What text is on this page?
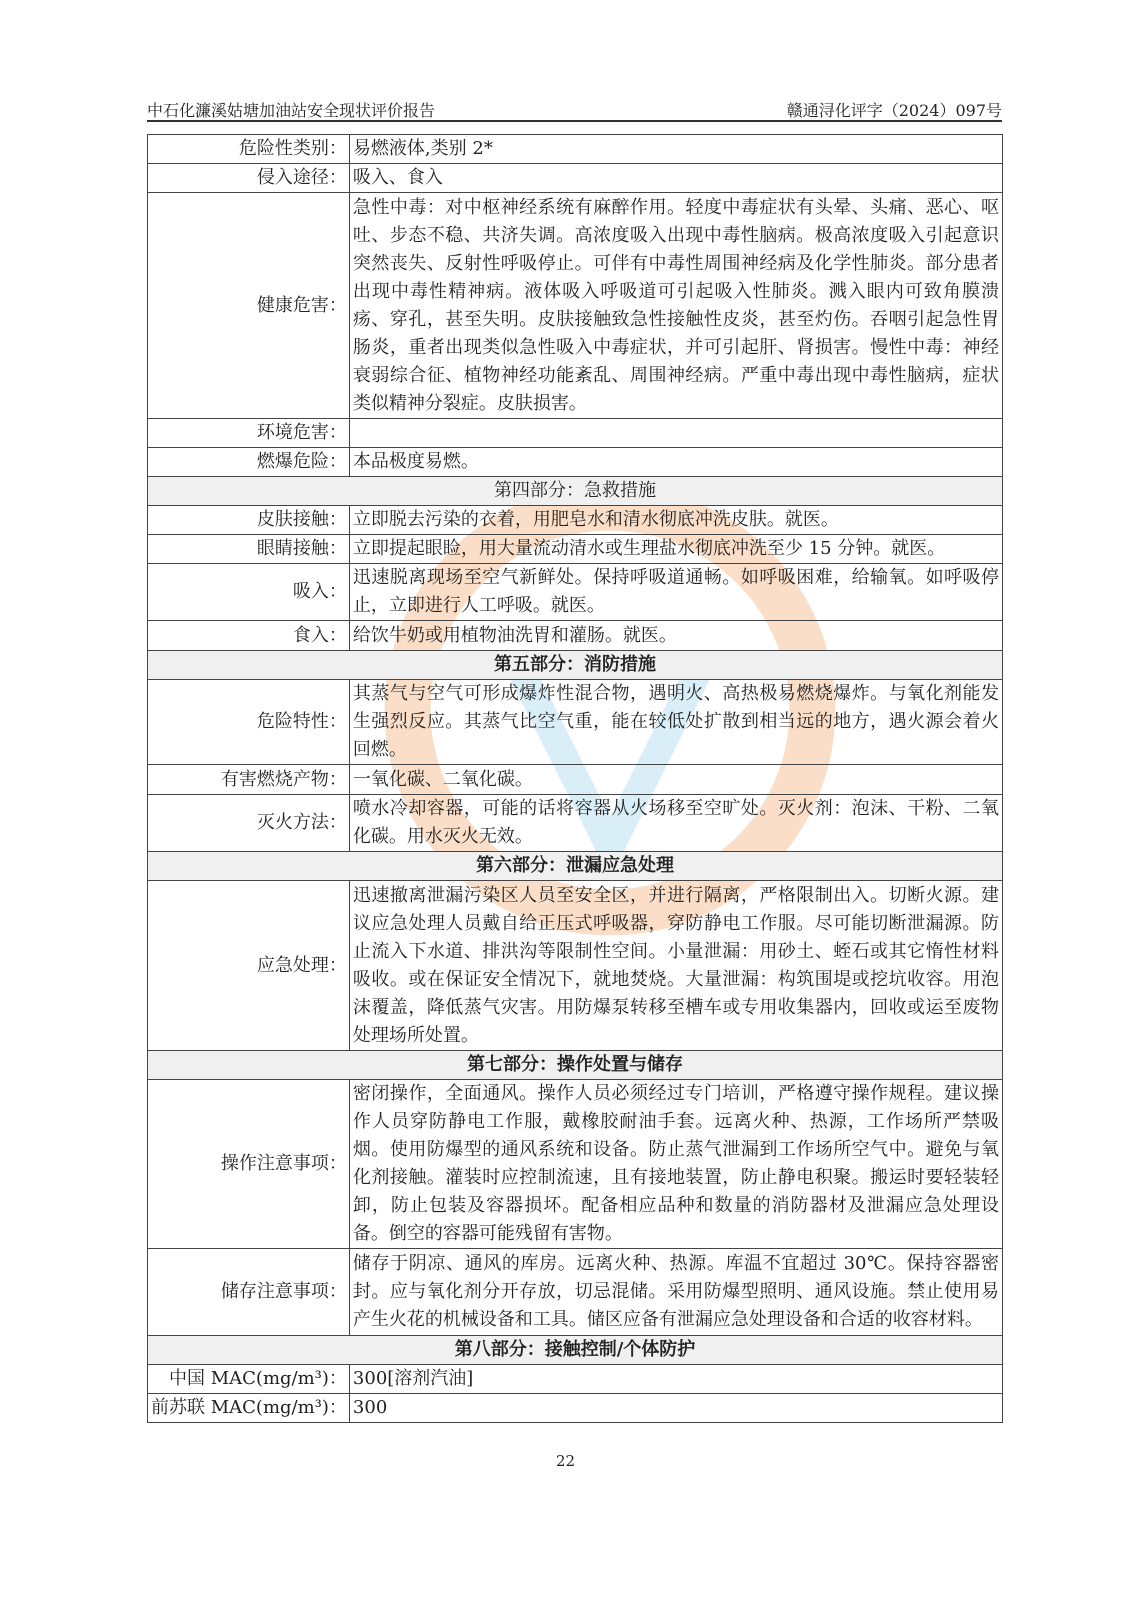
中石化濂溪姑塘加油站安全现状评价报告	赣通浔化评字（2024）097号
危险性类别：	易燃液体,类别 2*
侵入途径：	吸入、食入
健康危害：	急性中毒：对中枢神经系统有麻醉作用。轻度中毒症状有头晕、头痛、恶心、呕吐、步态不稳、共济失调。高浓度吸入出现中毒性脑病。极高浓度吸入引起意识突然丧失、反射性呼吸停止。可伴有中毒性周围神经病及化学性肺炎。部分患者出现中毒性精神病。液体吸入呼吸道可引起吸入性肺炎。溅入眼内可致角膜溃疡、穿孔，甚至失明。皮肤接触致急性接触性皮炎，甚至灼伤。吞咽引起急性胃肠炎，重者出现类似急性吸入中毒症状，并可引起肝、肾损害。慢性中毒：神经衰弱综合征、植物神经功能紊乱、周围神经病。严重中毒出现中毒性脑病，症状类似精神分裂症。皮肤损害。
环境危害：	
燃爆危险：	本品极度易燃。
第四部分：急救措施	
皮肤接触：	立即脱去污染的衣着，用肥皂水和清水彻底冲洗皮肤。就医。
眼睛接触：	立即提起眼睑，用大量流动清水或生理盐水彻底冲洗至少 15 分钟。就医。
吸入：	迅速脱离现场至空气新鲜处。保持呼吸道通畅。如呼吸困难，给输氧。如呼吸停止，立即进行人工呼吸。就医。
食入：	给饮牛奶或用植物油洗胃和灌肠。就医。
第五部分：消防措施	
危险特性：	其蒸气与空气可形成爆炸性混合物，遇明火、高热极易燃烧爆炸。与氧化剂能发生强烈反应。其蒸气比空气重，能在较低处扩散到相当远的地方，遇火源会着火回燃。
有害燃烧产物：	一氧化碳、二氧化碳。
灭火方法：	喷水冷却容器，可能的话将容器从火场移至空旷处。灭火剂：泡沫、干粉、二氧化碳。用水灭火无效。
第六部分：泄漏应急处理	
应急处理：	迅速撤离泄漏污染区人员至安全区，并进行隔离，严格限制出入。切断火源。建议应急处理人员戴自给正压式呼吸器，穿防静电工作服。尽可能切断泄漏源。防止流入下水道、排洪沟等限制性空间。小量泄漏：用砂土、蛭石或其它惰性材料吸收。或在保证安全情况下，就地焚烧。大量泄漏：构筑围堤或挖坑收容。用泡沫覆盖，降低蒸气灾害。用防爆泵转移至槽车或专用收集器内，回收或运至废物处理场所处置。
第七部分：操作处置与储存	
操作注意事项：	密闭操作，全面通风。操作人员必须经过专门培训，严格遵守操作规程。建议操作人员穿防静电工作服，戴橡胶耐油手套。远离火种、热源，工作场所严禁吸烟。使用防爆型的通风系统和设备。防止蒸气泄漏到工作场所空气中。避免与氧化剂接触。灌装时应控制流速，且有接地装置，防止静电积聚。搬运时要轻装轻卸，防止包装及容器损坏。配备相应品种和数量的消防器材及泄漏应急处理设备。倒空的容器可能残留有害物。
储存注意事项：	储存于阴凉、通风的库房。远离火种、热源。库温不宜超过 30℃。保持容器密封。应与氧化剂分开存放，切忌混储。采用防爆型照明、通风设施。禁止使用易产生火花的机械设备和工具。储区应备有泄漏应急处理设备和合适的收容材料。
第八部分：接触控制/个体防护	
中国 MAC(mg/m³)：	300[溶剂汽油]
前苏联 MAC(mg/m³)：	300
22
